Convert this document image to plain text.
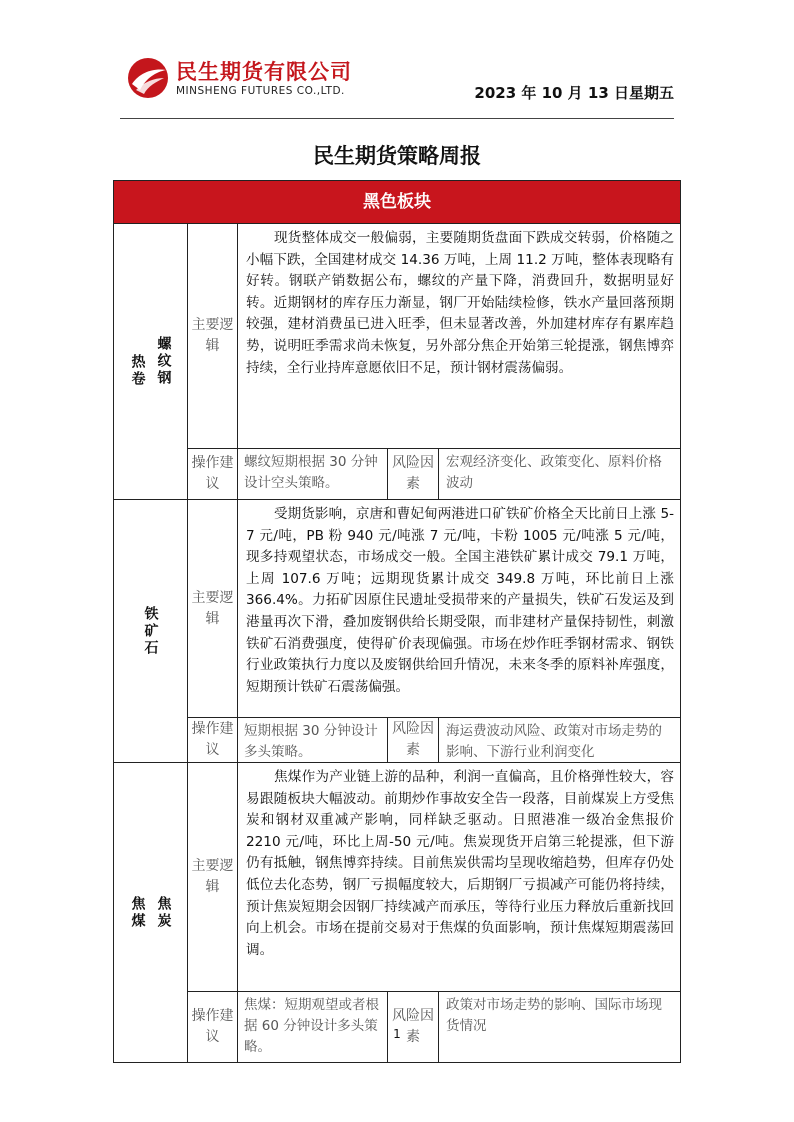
民生期货有限公司
MINSHENG FUTURES CO.,LTD.	2023 年 10 月 13 日星期五
民生期货策略周报
黑色板块
螺纹钢
热卷
主要逻辑
现货整体成交一般偏弱，主要随期货盘面下跌成交转弱，价格随之小幅下跌，全国建材成交 14.36 万吨，上周 11.2 万吨，整体表现略有好转。钢联产销数据公布，螺纹的产量下降，消费回升，数据明显好转。近期钢材的库存压力渐显，钢厂开始陆续检修，铁水产量回落预期较强，建材消费虽已进入旺季，但未显著改善，外加建材库存有累库趋势，说明旺季需求尚未恢复，另外部分焦企开始第三轮提涨，钢焦博弈持续，全行业持库意愿依旧不足，预计钢材震荡偏弱。
操作建议
螺纹短期根据 30 分钟设计空头策略。
风险因素
宏观经济变化、政策变化、原料价格波动
铁矿石
主要逻辑
受期货影响，京唐和曹妃甸两港进口矿铁矿价格全天比前日上涨 5-7 元/吨，PB 粉 940 元/吨涨 7 元/吨，卡粉 1005 元/吨涨 5 元/吨，现多持观望状态，市场成交一般。全国主港铁矿累计成交 79.1 万吨，上周 107.6 万吨；远期现货累计成交 349.8 万吨，环比前日上涨 366.4%。力拓矿因原住民遗址受损带来的产量损失，铁矿石发运及到港量再次下滑，叠加废钢供给长期受限，而非建材产量保持韧性，刺激铁矿石消费强度，使得矿价表现偏强。市场在炒作旺季钢材需求、钢铁行业政策执行力度以及废钢供给回升情况，未来冬季的原料补库强度，短期预计铁矿石震荡偏强。
操作建议
短期根据 30 分钟设计多头策略。
风险因素
海运费波动风险、政策对市场走势的影响、下游行业利润变化
焦炭
焦煤
主要逻辑
焦煤作为产业链上游的品种，利润一直偏高，且价格弹性较大，容易跟随板块大幅波动。前期炒作事故安全告一段落，目前煤炭上方受焦炭和钢材双重减产影响，同样缺乏驱动。日照港准一级冶金焦报价 2210 元/吨，环比上周-50 元/吨。焦炭现货开启第三轮提涨，但下游仍有抵触，钢焦博弈持续。目前焦炭供需均呈现收缩趋势，但库存仍处低位去化态势，钢厂亏损幅度较大，后期钢厂亏损减产可能仍将持续，预计焦炭短期会因钢厂持续减产而承压，等待行业压力释放后重新找回向上机会。市场在提前交易对于焦煤的负面影响，预计焦煤短期震荡回调。
操作建议
焦煤：短期观望或者根据 60 分钟设计多头策略。
风险因素
政策对市场走势的影响、国际市场现货情况
1
